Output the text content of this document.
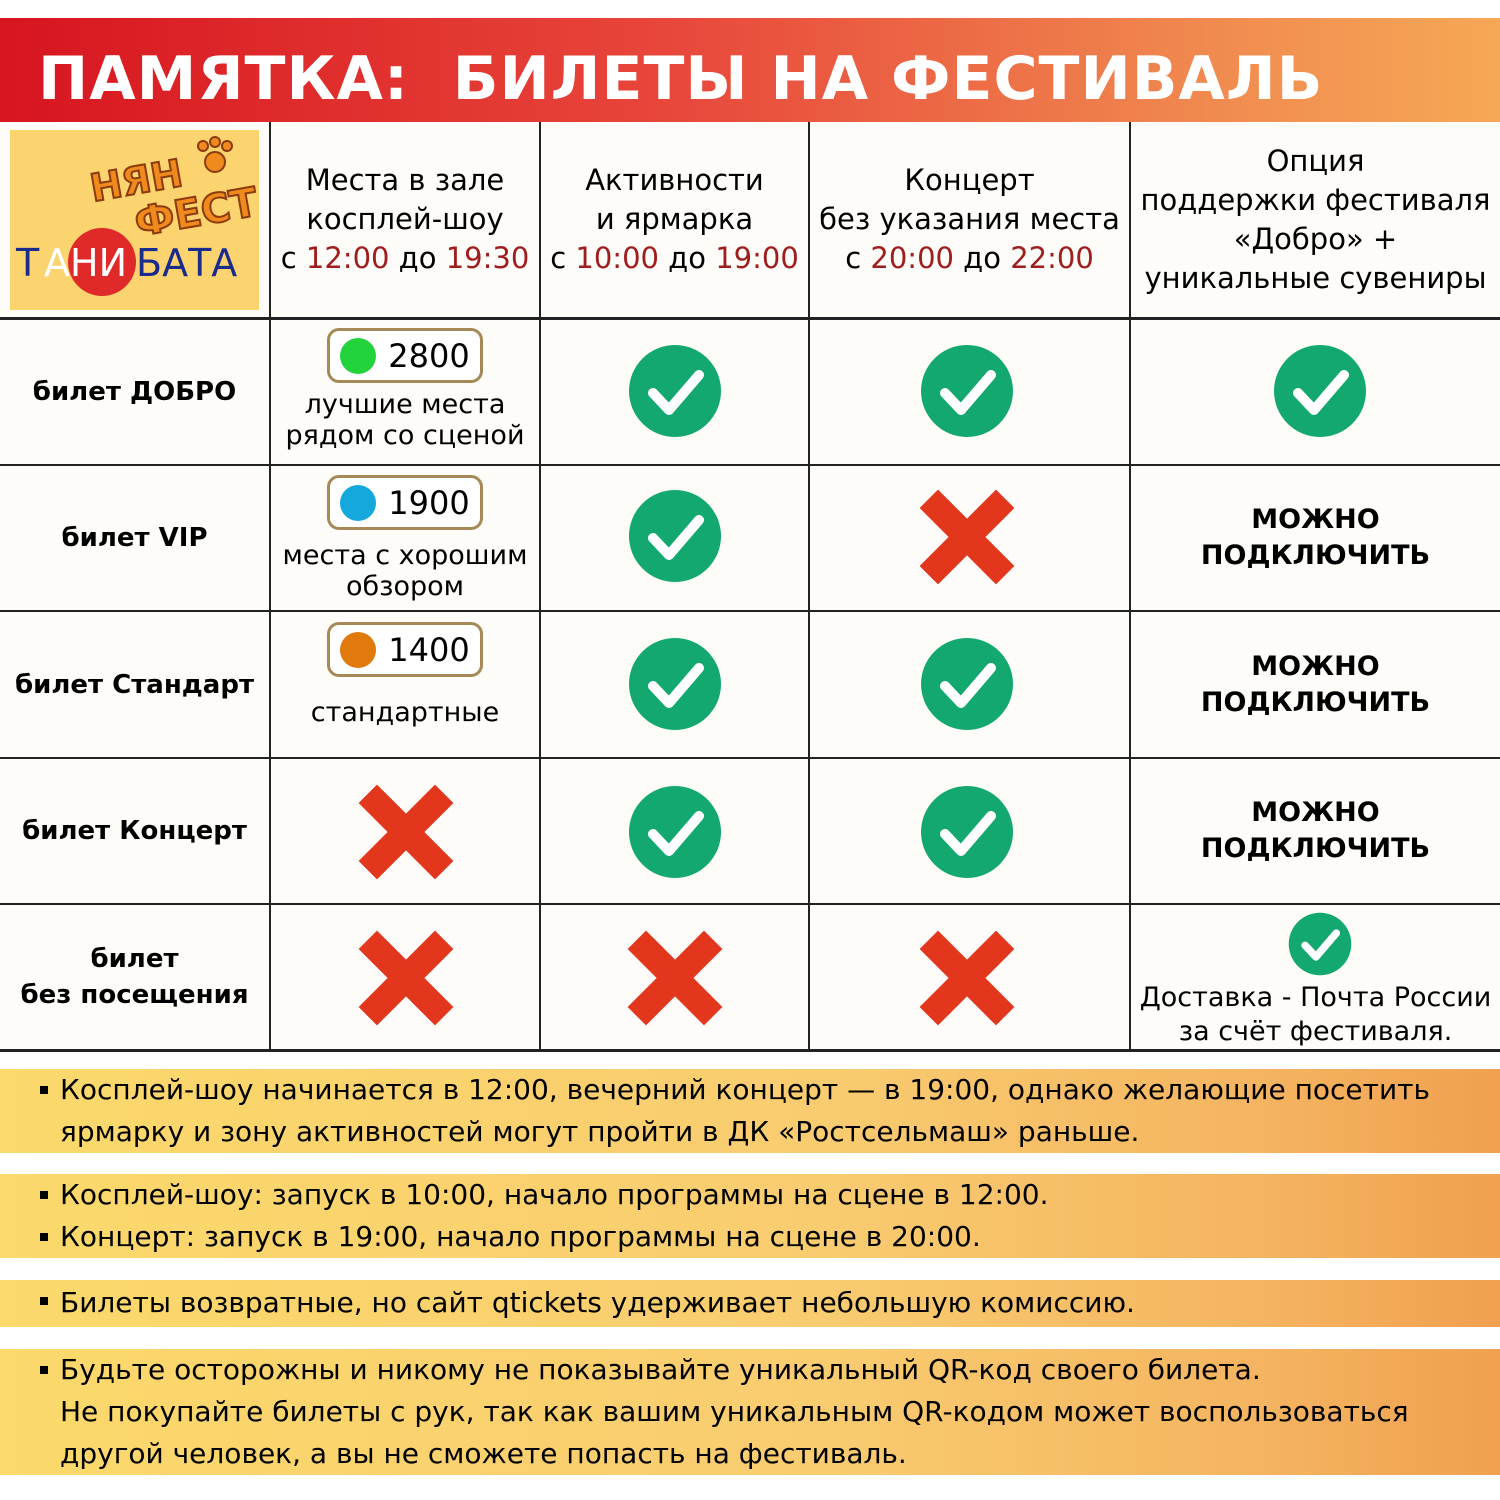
ПАМЯТКА:  БИЛЕТЫ НА ФЕСТИВАЛЬ
НЯН
ФЕСТ
Т АНИ БАТА
Места в зале
косплей-шоу
с 12:00 до 19:30
Активности
и ярмарка
с 10:00 до 19:00
Концерт
без указания места
с 20:00 до 22:00
Опция
поддержки фестиваля
«Добро» +
уникальные сувениры
билет ДОБРО
билет VIP
билет Стандарт
билет Концерт
билет
без посещения
2800
лучшие места
рядом со сценой
1900
места с хорошим
обзором
1400
стандартные
МОЖНО
ПОДКЛЮЧИТЬ
МОЖНО
ПОДКЛЮЧИТЬ
МОЖНО
ПОДКЛЮЧИТЬ
Доставка - Почта России
за счёт фестиваля.
Косплей-шоу начинается в 12:00, вечерний концерт — в 19:00, однако желающие посетить
ярмарку и зону активностей могут пройти в ДК «Ростсельмаш» раньше.
Косплей-шоу: запуск в 10:00, начало программы на сцене в 12:00.
Концерт: запуск в 19:00, начало программы на сцене в 20:00.
Билеты возвратные, но сайт qtickets удерживает небольшую комиссию.
Будьте осторожны и никому не показывайте уникальный QR-код своего билета.
Не покупайте билеты с рук, так как вашим уникальным QR-кодом может воспользоваться
другой человек, а вы не сможете попасть на фестиваль.
